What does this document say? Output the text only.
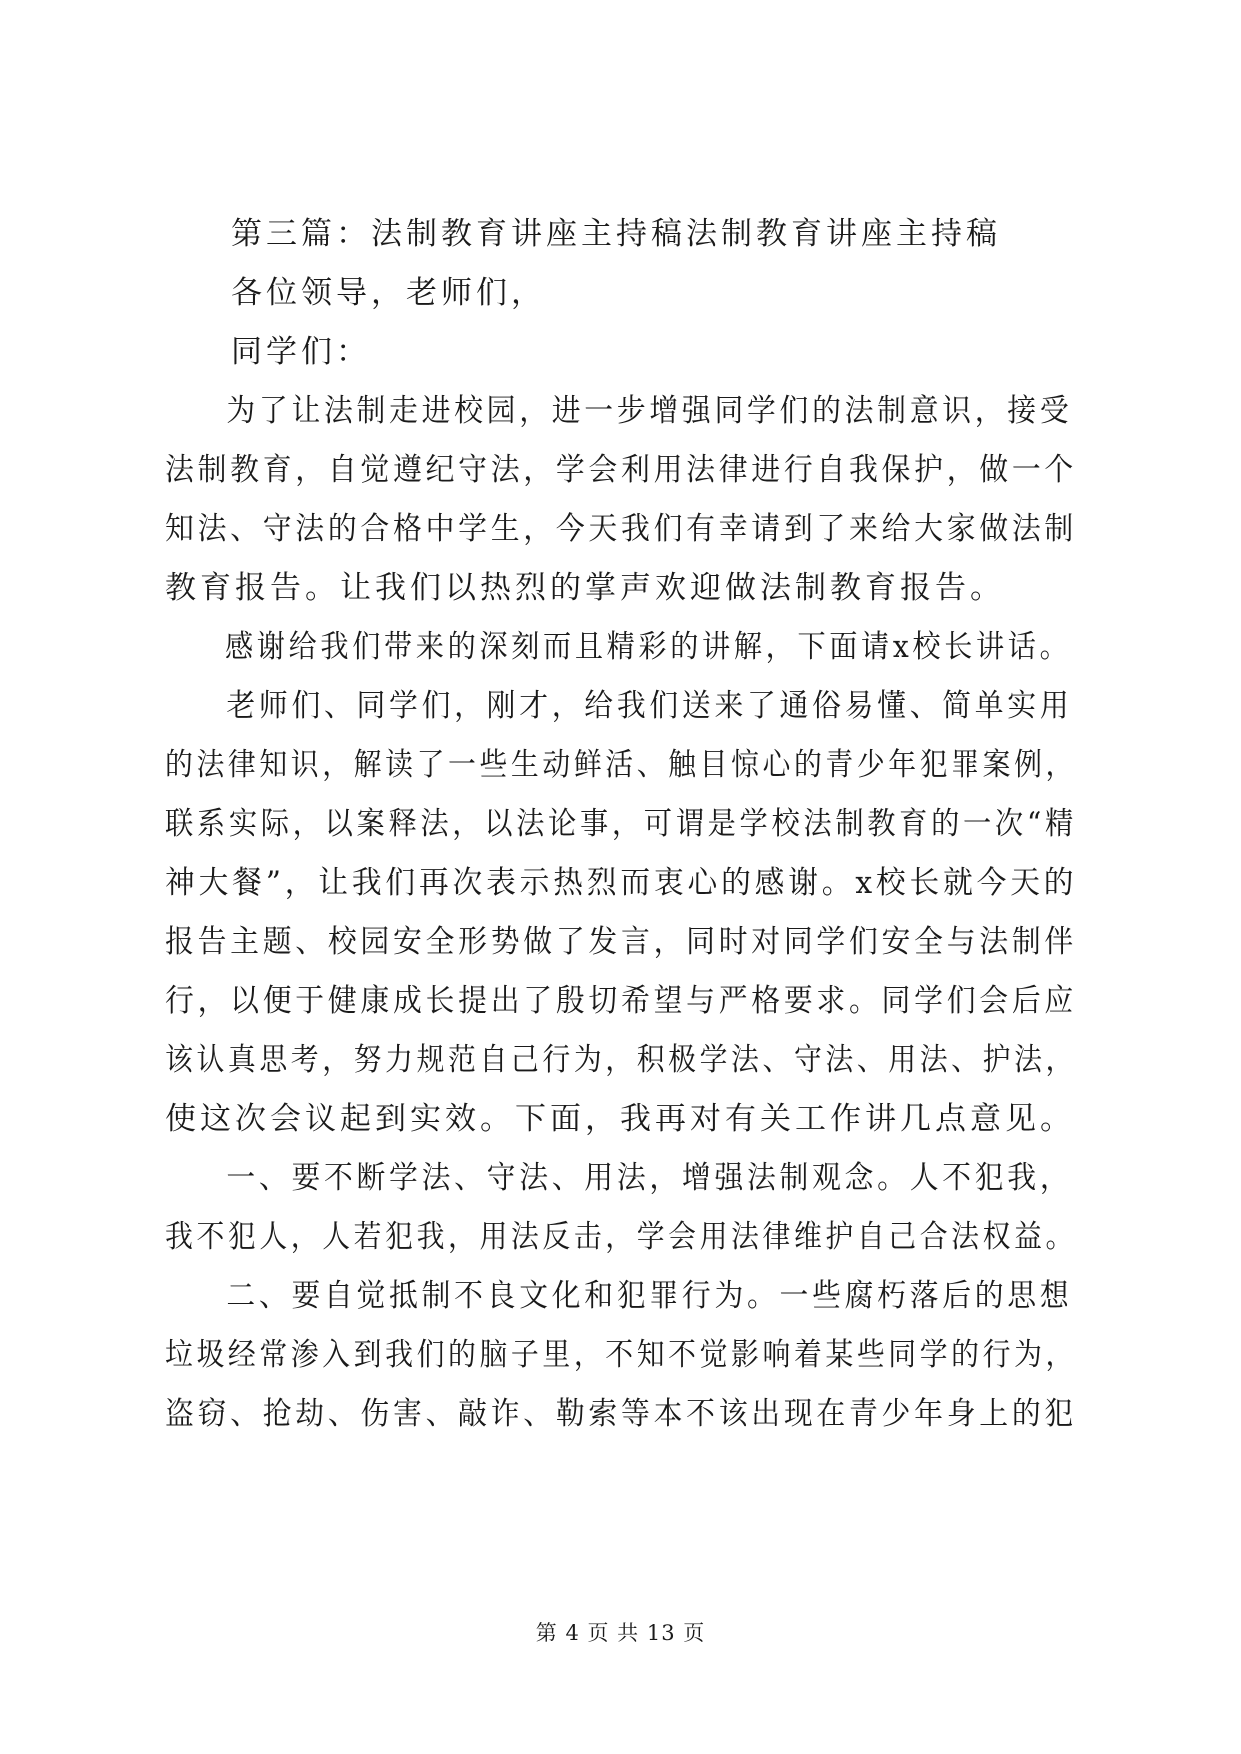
第三篇：法制教育讲座主持稿法制教育讲座主持稿
各位领导，老师们，
同学们：
为了让法制走进校园，进一步增强同学们的法制意识，接受
法制教育，自觉遵纪守法，学会利用法律进行自我保护，做一个
知法、守法的合格中学生，今天我们有幸请到了来给大家做法制
教育报告。让我们以热烈的掌声欢迎做法制教育报告。
感谢给我们带来的深刻而且精彩的讲解，下面请x校长讲话。
老师们、同学们，刚才，给我们送来了通俗易懂、简单实用
的法律知识，解读了一些生动鲜活、触目惊心的青少年犯罪案例，
联系实际，以案释法，以法论事，可谓是学校法制教育的一次“精
神大餐”，让我们再次表示热烈而衷心的感谢。x校长就今天的
报告主题、校园安全形势做了发言，同时对同学们安全与法制伴
行，以便于健康成长提出了殷切希望与严格要求。同学们会后应
该认真思考，努力规范自己行为，积极学法、守法、用法、护法，
使这次会议起到实效。下面，我再对有关工作讲几点意见。
一、要不断学法、守法、用法，增强法制观念。人不犯我，
我不犯人，人若犯我，用法反击，学会用法律维护自己合法权益。
二、要自觉抵制不良文化和犯罪行为。一些腐朽落后的思想
垃圾经常渗入到我们的脑子里，不知不觉影响着某些同学的行为，
盗窃、抢劫、伤害、敲诈、勒索等本不该出现在青少年身上的犯
第 4 页 共 13 页
